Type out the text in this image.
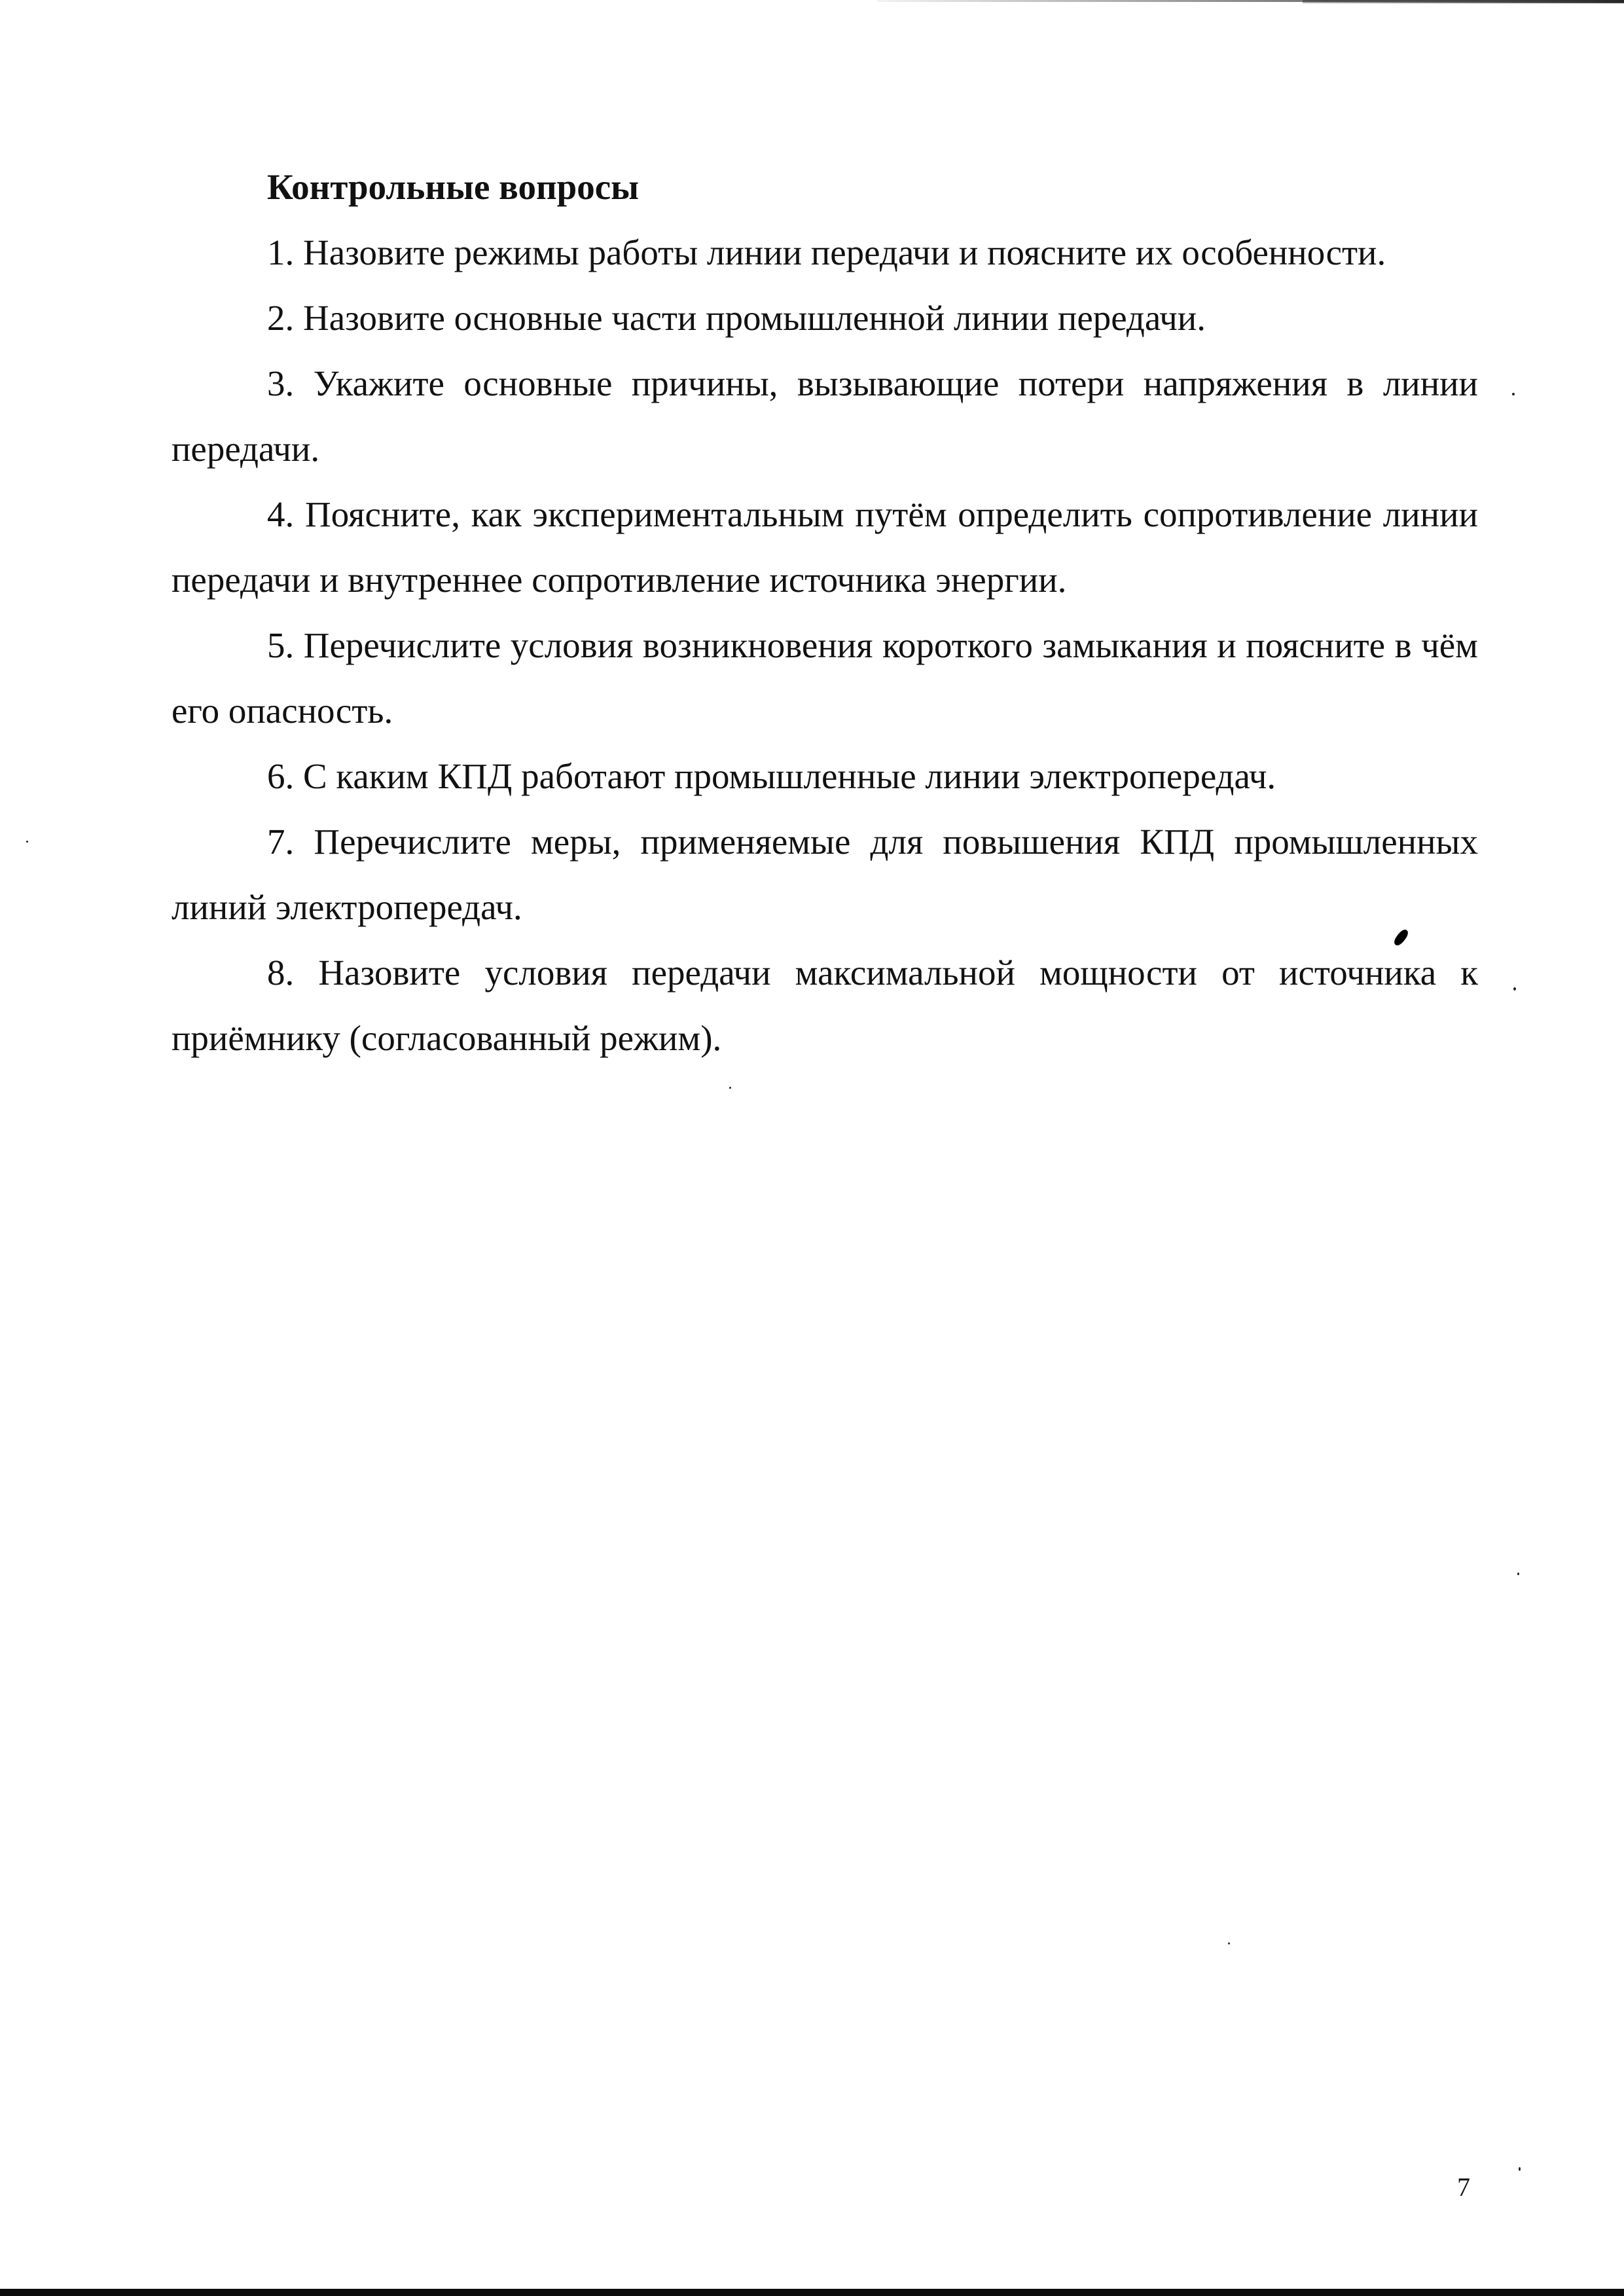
Контрольные вопросы

1. Назовите режимы работы линии передачи и поясните их особенности.

2. Назовите основные части промышленной линии передачи.

3. Укажите основные причины, вызывающие потери напряжения в линии передачи.

4. Поясните, как экспериментальным путём определить сопротивление линии передачи и внутреннее сопротивление источника энергии.

5. Перечислите условия возникновения короткого замыкания и поясните в чём его опасность.

6. С каким КПД работают промышленные линии электропередач.

7. Перечислите меры, применяемые для повышения КПД промышленных линий электропередач.

8. Назовите условия передачи максимальной мощности от источника к приёмнику (согласованный режим).

7
